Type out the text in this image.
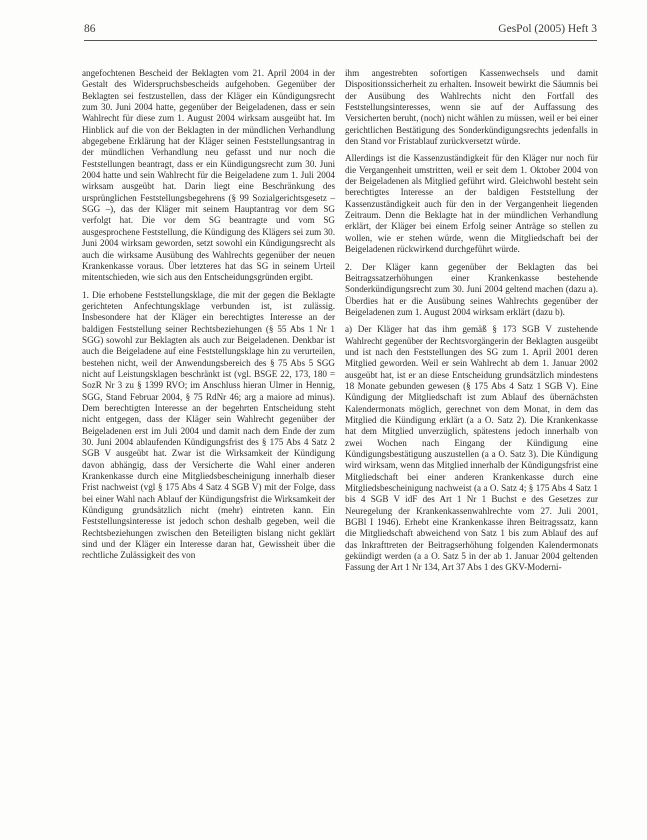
86	GesPol (2005) Heft 3

angefochtenen Bescheid der Beklagten vom 21. April 2004 in der Gestalt des Widerspruchsbescheids aufgehoben. Gegenüber der Beklagten sei festzustellen, dass der Kläger ein Kündigungsrecht zum 30. Juni 2004 hatte, gegenüber der Beigeladenen, dass er sein Wahlrecht für diese zum 1. August 2004 wirksam ausgeübt hat. Im Hinblick auf die von der Beklagten in der mündlichen Verhandlung abgegebene Erklärung hat der Kläger seinen Feststellungsantrag in der mündlichen Verhandlung neu gefasst und nur noch die Feststellungen beantragt, dass er ein Kündigungsrecht zum 30. Juni 2004 hatte und sein Wahlrecht für die Beigeladene zum 1. Juli 2004 wirksam ausgeübt hat. Darin liegt eine Beschränkung des ursprünglichen Feststellungsbegehrens (§ 99 Sozialgerichtsgesetz – SGG –), das der Kläger mit seinem Hauptantrag vor dem SG verfolgt hat. Die vor dem SG beantragte und vom SG ausgesprochene Feststellung, die Kündigung des Klägers sei zum 30. Juni 2004 wirksam geworden, setzt sowohl ein Kündigungsrecht als auch die wirksame Ausübung des Wahlrechts gegenüber der neuen Krankenkasse voraus. Über letzteres hat das SG in seinem Urteil mitentschieden, wie sich aus den Entscheidungsgründen ergibt.

1. Die erhobene Feststellungsklage, die mit der gegen die Beklagte gerichteten Anfechtungsklage verbunden ist, ist zulässig. Insbesondere hat der Kläger ein berechtigtes Interesse an der baldigen Feststellung seiner Rechtsbeziehungen (§ 55 Abs 1 Nr 1 SGG) sowohl zur Beklagten als auch zur Beigeladenen. Denkbar ist auch die Beigeladene auf eine Feststellungsklage hin zu verurteilen, bestehen nicht, weil der Anwendungsbereich des § 75 Abs 5 SGG nicht auf Leistungsklagen beschränkt ist (vgl. BSGE 22, 173, 180 = SozR Nr 3 zu § 1399 RVO; im Anschluss hieran Ulmer in Hennig, SGG, Stand Februar 2004, § 75 RdNr 46; arg a maiore ad minus). Dem berechtigten Interesse an der begehrten Entscheidung steht nicht entgegen, dass der Kläger sein Wahlrecht gegenüber der Beigeladenen erst im Juli 2004 und damit nach dem Ende der zum 30. Juni 2004 ablaufenden Kündigungsfrist des § 175 Abs 4 Satz 2 SGB V ausgeübt hat. Zwar ist die Wirksamkeit der Kündigung davon abhängig, dass der Versicherte die Wahl einer anderen Krankenkasse durch eine Mitgliedsbescheinigung innerhalb dieser Frist nachweist (vgl § 175 Abs 4 Satz 4 SGB V) mit der Folge, dass bei einer Wahl nach Ablauf der Kündigungsfrist die Wirksamkeit der Kündigung grundsätzlich nicht (mehr) eintreten kann. Ein Feststellungsinteresse ist jedoch schon deshalb gegeben, weil die Rechtsbeziehungen zwischen den Beteiligten bislang nicht geklärt sind und der Kläger ein Interesse daran hat, Gewissheit über die rechtliche Zulässigkeit des von

ihm angestrebten sofortigen Kassenwechsels und damit Dispositionssicherheit zu erhalten. Insoweit bewirkt die Säumnis bei der Ausübung des Wahlrechts nicht den Fortfall des Feststellungsinteresses, wenn sie auf der Auffassung des Versicherten beruht, (noch) nicht wählen zu müssen, weil er bei einer gerichtlichen Bestätigung des Sonderkündigungsrechts jedenfalls in den Stand vor Fristablauf zurückversetzt würde.

Allerdings ist die Kassenzuständigkeit für den Kläger nur noch für die Vergangenheit umstritten, weil er seit dem 1. Oktober 2004 von der Beigeladenen als Mitglied geführt wird. Gleichwohl besteht sein berechtigtes Interesse an der baldigen Feststellung der Kassenzuständigkeit auch für den in der Vergangenheit liegenden Zeitraum. Denn die Beklagte hat in der mündlichen Verhandlung erklärt, der Kläger bei einem Erfolg seiner Anträge so stellen zu wollen, wie er stehen würde, wenn die Mitgliedschaft bei der Beigeladenen rückwirkend durchgeführt würde.

2. Der Kläger kann gegenüber der Beklagten das bei Beitragssatzerhöhungen einer Krankenkasse bestehende Sonderkündigungsrecht zum 30. Juni 2004 geltend machen (dazu a). Überdies hat er die Ausübung seines Wahlrechts gegenüber der Beigeladenen zum 1. August 2004 wirksam erklärt (dazu b).

a) Der Kläger hat das ihm gemäß § 173 SGB V zustehende Wahlrecht gegenüber der Rechtsvorgängerin der Beklagten ausgeübt und ist nach den Feststellungen des SG zum 1. April 2001 deren Mitglied geworden. Weil er sein Wahlrecht ab dem 1. Januar 2002 ausgeübt hat, ist er an diese Entscheidung grundsätzlich mindestens 18 Monate gebunden gewesen (§ 175 Abs 4 Satz 1 SGB V). Eine Kündigung der Mitgliedschaft ist zum Ablauf des übernächsten Kalendermonats möglich, gerechnet von dem Monat, in dem das Mitglied die Kündigung erklärt (a a O. Satz 2). Die Krankenkasse hat dem Mitglied unverzüglich, spätestens jedoch innerhalb von zwei Wochen nach Eingang der Kündigung eine Kündigungsbestätigung auszustellen (a a O. Satz 3). Die Kündigung wird wirksam, wenn das Mitglied innerhalb der Kündigungsfrist eine Mitgliedschaft bei einer anderen Krankenkasse durch eine Mitgliedsbescheinigung nachweist (a a O. Satz 4; § 175 Abs 4 Satz 1 bis 4 SGB V idF des Art 1 Nr 1 Buchst e des Gesetzes zur Neuregelung der Krankenkassenwahlrechte vom 27. Juli 2001, BGBl I 1946). Erhebt eine Krankenkasse ihren Beitragssatz, kann die Mitgliedschaft abweichend von Satz 1 bis zum Ablauf des auf das Inkrafttreten der Beitragserhöhung folgenden Kalendermonats gekündigt werden (a a O. Satz 5 in der ab 1. Januar 2004 geltenden Fassung der Art 1 Nr 134, Art 37 Abs 1 des GKV-Moderni-
